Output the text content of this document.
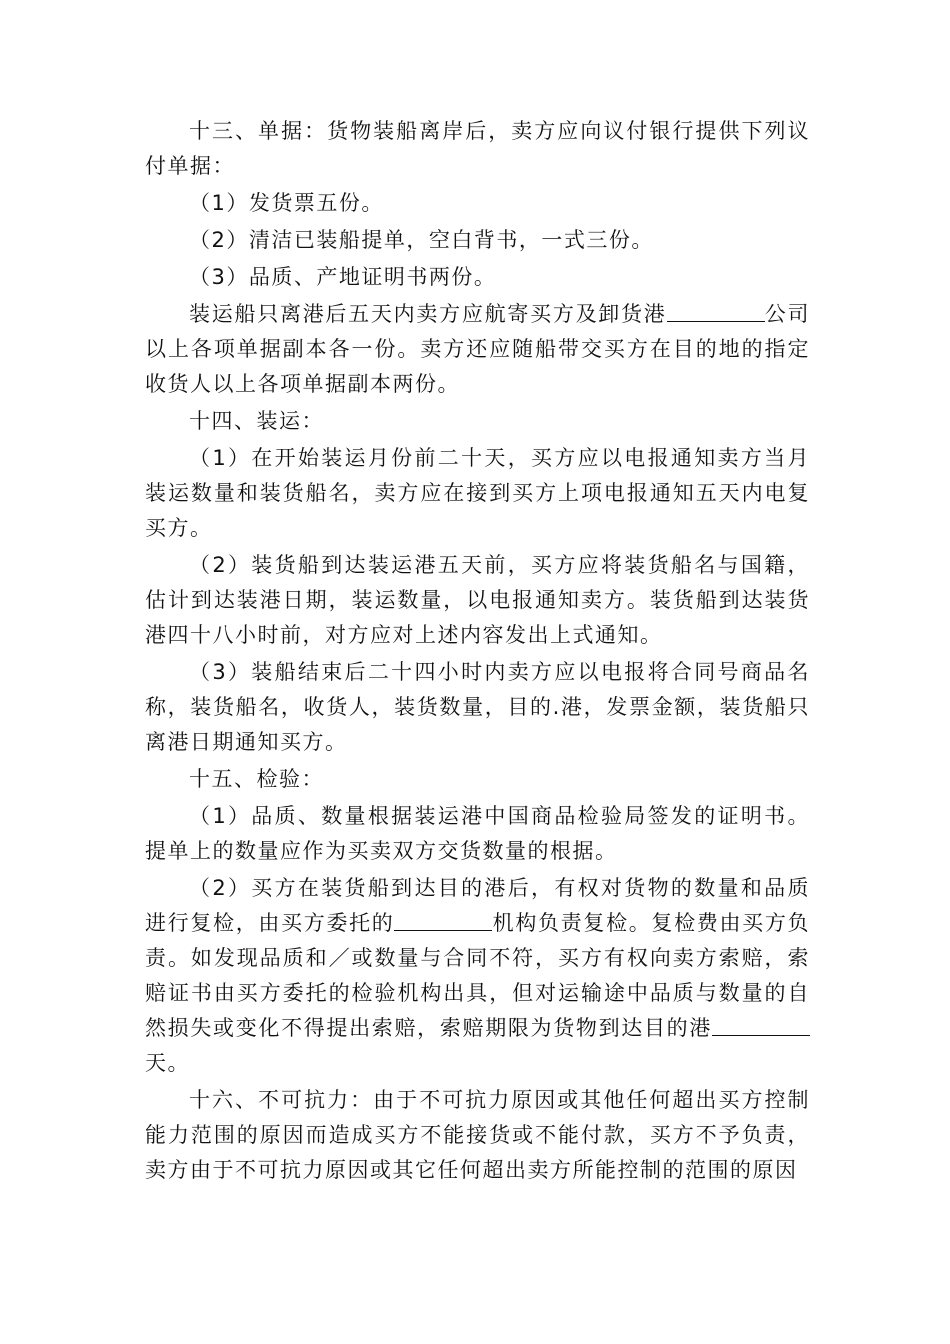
十三、单据：货物装船离岸后，卖方应向议付银行提供下列议付单据：

（1）发货票五份。

（2）清洁已装船提单，空白背书，一式三份。

（3）品质、产地证明书两份。

装运船只离港后五天内卖方应航寄买方及卸货港	公司以上各项单据副本各一份。卖方还应随船带交买方在目的地的指定收货人以上各项单据副本两份。

十四、装运：

（1）在开始装运月份前二十天，买方应以电报通知卖方当月装运数量和装货船名，卖方应在接到买方上项电报通知五天内电复买方。

（2）装货船到达装运港五天前，买方应将装货船名与国籍，估计到达装港日期，装运数量，以电报通知卖方。装货船到达装货港四十八小时前，对方应对上述内容发出上式通知。

（3）装船结束后二十四小时内卖方应以电报将合同号商品名称，装货船名，收货人，装货数量，目的.港，发票金额，装货船只离港日期通知买方。

十五、检验：

（1）品质、数量根据装运港中国商品检验局签发的证明书。提单上的数量应作为买卖双方交货数量的根据。

（2）买方在装货船到达目的港后，有权对货物的数量和品质进行复检，由买方委托的	机构负责复检。复检费由买方负责。如发现品质和／或数量与合同不符，买方有权向卖方索赔，索赔证书由买方委托的检验机构出具，但对运输途中品质与数量的自然损失或变化不得提出索赔，索赔期限为货物到达目的港天。

十六、不可抗力：由于不可抗力原因或其他任何超出买方控制能力范围的原因而造成买方不能接货或不能付款，买方不予负责，卖方由于不可抗力原因或其它任何超出卖方所能控制的范围的原因
